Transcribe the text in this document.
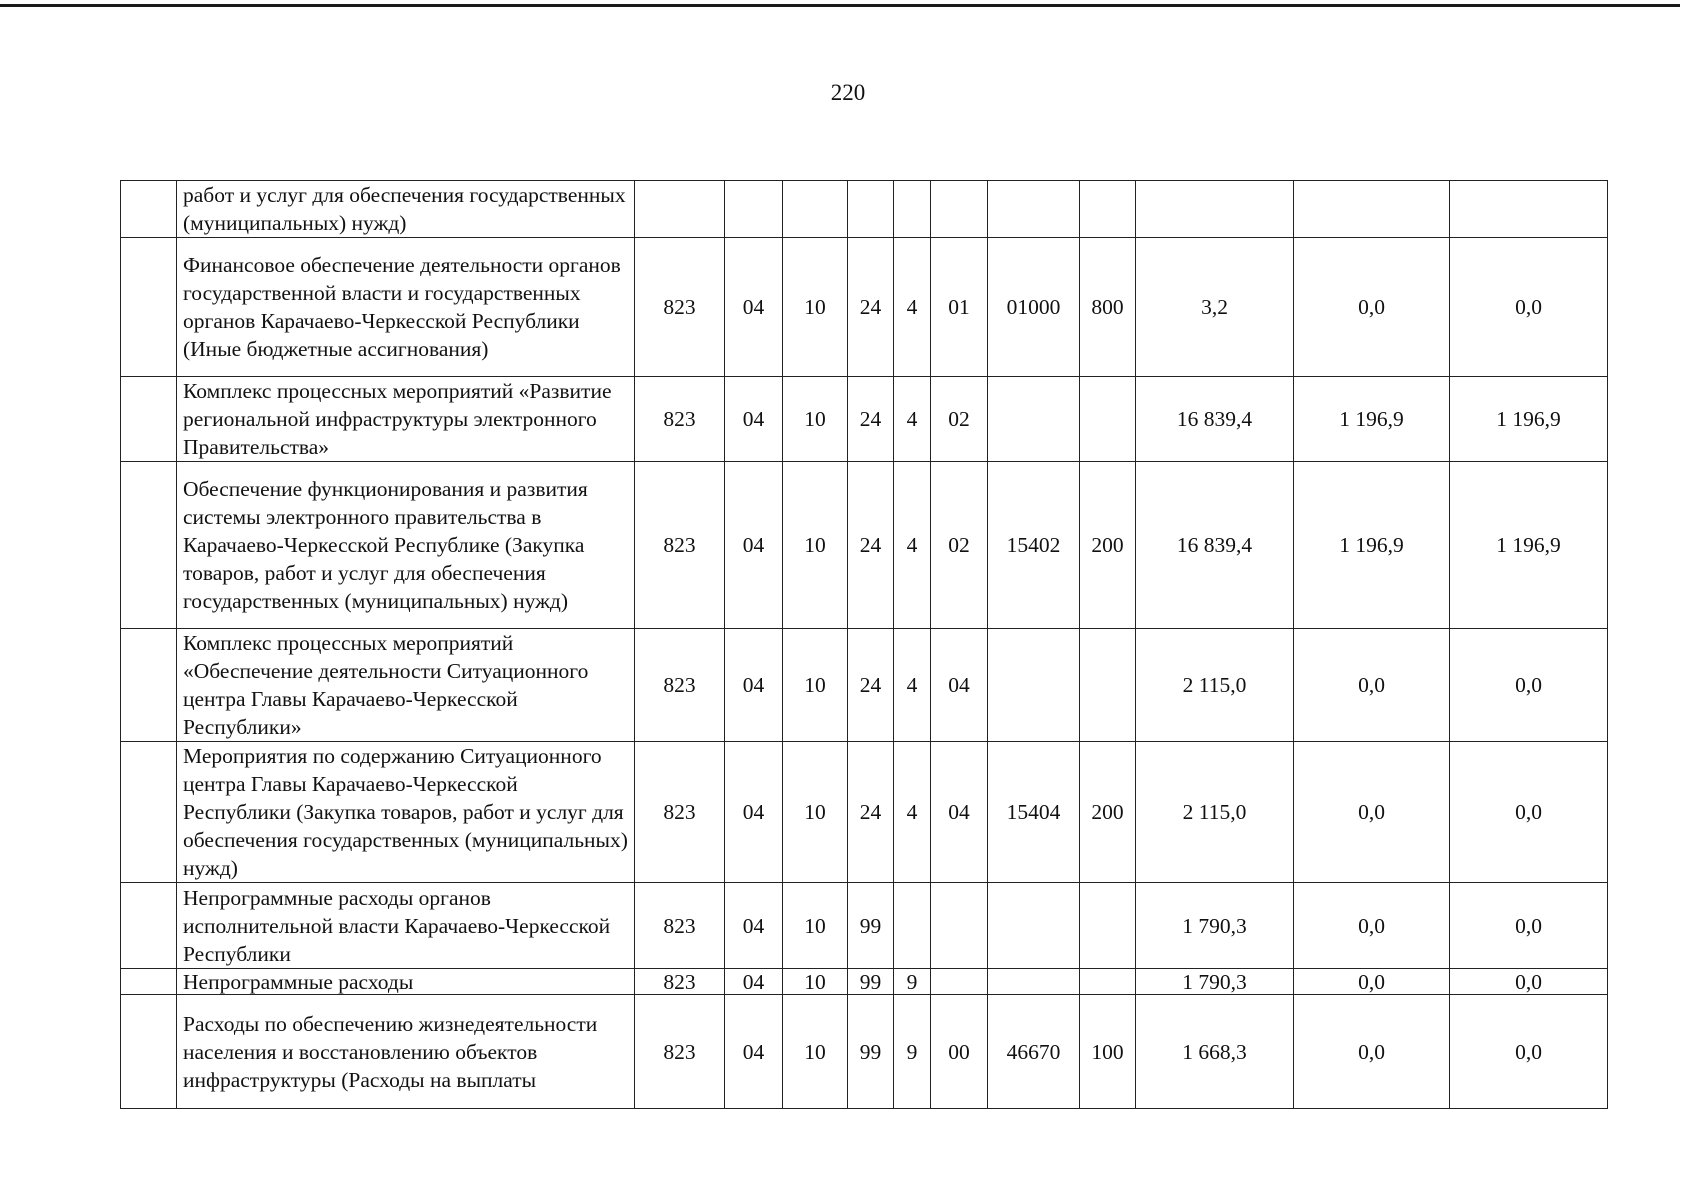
220
	работ и услуг для обеспечения государственных (муниципальных) нужд)											
	Финансовое обеспечение деятельности органов государственной власти и государственных органов Карачаево-Черкесской Республики (Иные бюджетные ассигнования)	823	04	10	24	4	01	01000	800	3,2	0,0	0,0
	Комплекс процессных мероприятий «Развитие региональной инфраструктуры электронного Правительства»	823	04	10	24	4	02			16 839,4	1 196,9	1 196,9
	Обеспечение функционирования и развития системы электронного правительства в Карачаево-Черкесской Республике (Закупка товаров, работ и услуг для обеспечения государственных (муниципальных) нужд)	823	04	10	24	4	02	15402	200	16 839,4	1 196,9	1 196,9
	Комплекс процессных мероприятий «Обеспечение деятельности Ситуационного центра Главы Карачаево-Черкесской Республики»	823	04	10	24	4	04			2 115,0	0,0	0,0
	Мероприятия по содержанию Ситуационного центра Главы Карачаево-Черкесской Республики (Закупка товаров, работ и услуг для обеспечения государственных (муниципальных) нужд)	823	04	10	24	4	04	15404	200	2 115,0	0,0	0,0
	Непрограммные расходы органов исполнительной власти Карачаево-Черкесской Республики	823	04	10	99					1 790,3	0,0	0,0
	Непрограммные расходы	823	04	10	99	9				1 790,3	0,0	0,0
	Расходы по обеспечению жизнедеятельности населения и восстановлению объектов инфраструктуры (Расходы на выплаты	823	04	10	99	9	00	46670	100	1 668,3	0,0	0,0
